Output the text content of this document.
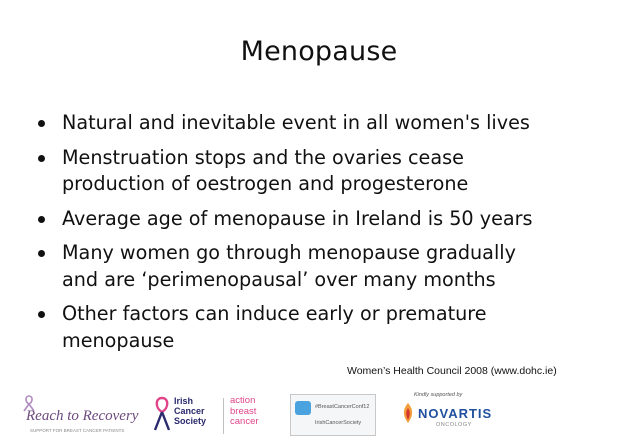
Menopause
Natural and inevitable event in all women's lives
Menstruation stops and the ovaries cease
production of oestrogen and progesterone
Average age of menopause in Ireland is 50 years
Many women go through menopause gradually
and are ‘perimenopausal’ over many months
Other factors can induce early or premature
menopause
Women’s Health Council 2008 (www.dohc.ie)
Reach to Recovery
SUPPORT FOR BREAST CANCER PATIENTS
Irish
Cancer
Society
action
breast
cancer
#BreastCancerConf12
IrishCancerSociety
Kindly supported by
NOVARTIS
ONCOLOGY
